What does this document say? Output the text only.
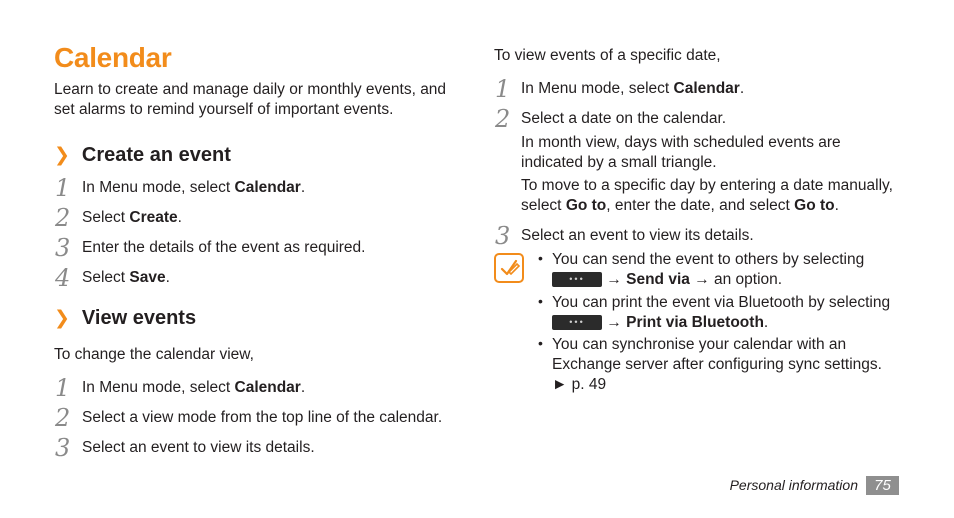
Calendar
Learn to create and manage daily or monthly events, and set alarms to remind yourself of important events.
❯ Create an event
1 In Menu mode, select Calendar.
2 Select Create.
3 Enter the details of the event as required.
4 Select Save.
❯ View events
To change the calendar view,
1 In Menu mode, select Calendar.
2 Select a view mode from the top line of the calendar.
3 Select an event to view its details.
To view events of a specific date,
1 In Menu mode, select Calendar.
2 Select a date on the calendar.
In month view, days with scheduled events are indicated by a small triangle.
To move to a specific day by entering a date manually, select Go to, enter the date, and select Go to.
3 Select an event to view its details.
• You can send the event to others by selecting
••• → Send via → an option.
• You can print the event via Bluetooth by selecting
••• → Print via Bluetooth.
• You can synchronise your calendar with an Exchange server after configuring sync settings.
► p. 49
Personal information	75
